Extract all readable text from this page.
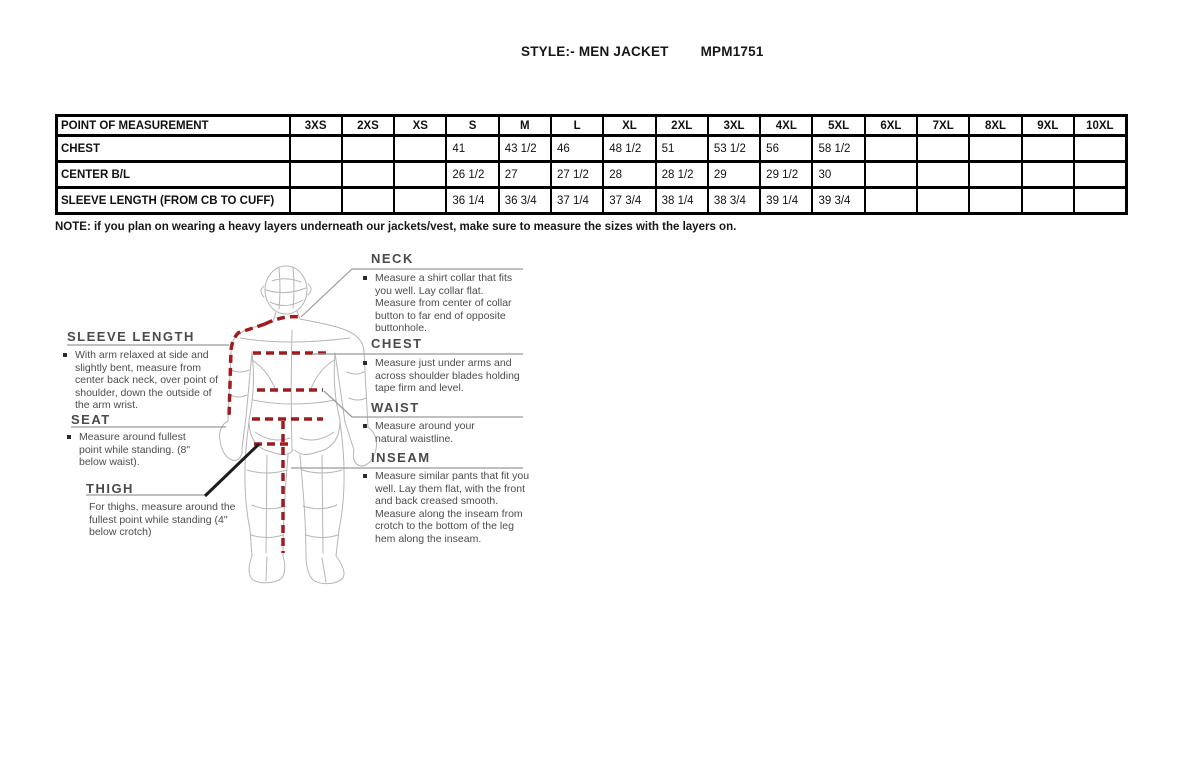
STYLE:- MEN JACKET MPM1751
POINT OF MEASUREMENT	3XS	2XS	XS	S	M	L	XL	2XL	3XL	4XL	5XL	6XL	7XL	8XL	9XL	10XL
CHEST				41	43 1/2	46	48 1/2	51	53 1/2	56	58 1/2					
CENTER B/L				26 1/2	27	27 1/2	28	28 1/2	29	29 1/2	30					
SLEEVE LENGTH (FROM CB TO CUFF)				36 1/4	36 3/4	37 1/4	37 3/4	38 1/4	38 3/4	39 1/4	39 3/4					
NOTE: if you plan on wearing a heavy layers underneath our jackets/vest, make sure to measure the sizes with the layers on.
SLEEVE LENGTH
With arm relaxed at side and slightly bent, measure from center back neck, over point of shoulder, down the outside of the arm wrist.
SEAT
Measure around fullest point while standing. (8" below waist).
THIGH
For thighs, measure around the fullest point while standing (4" below crotch)
NECK
Measure a shirt collar that fits you well. Lay collar flat. Measure from center of collar button to far end of opposite buttonhole.
CHEST
Measure just under arms and across shoulder blades holding tape firm and level.
WAIST
Measure around your natural waistline.
INSEAM
Measure similar pants that fit you well. Lay them flat, with the front and back creased smooth. Measure along the inseam from crotch to the bottom of the leg hem along the inseam.
